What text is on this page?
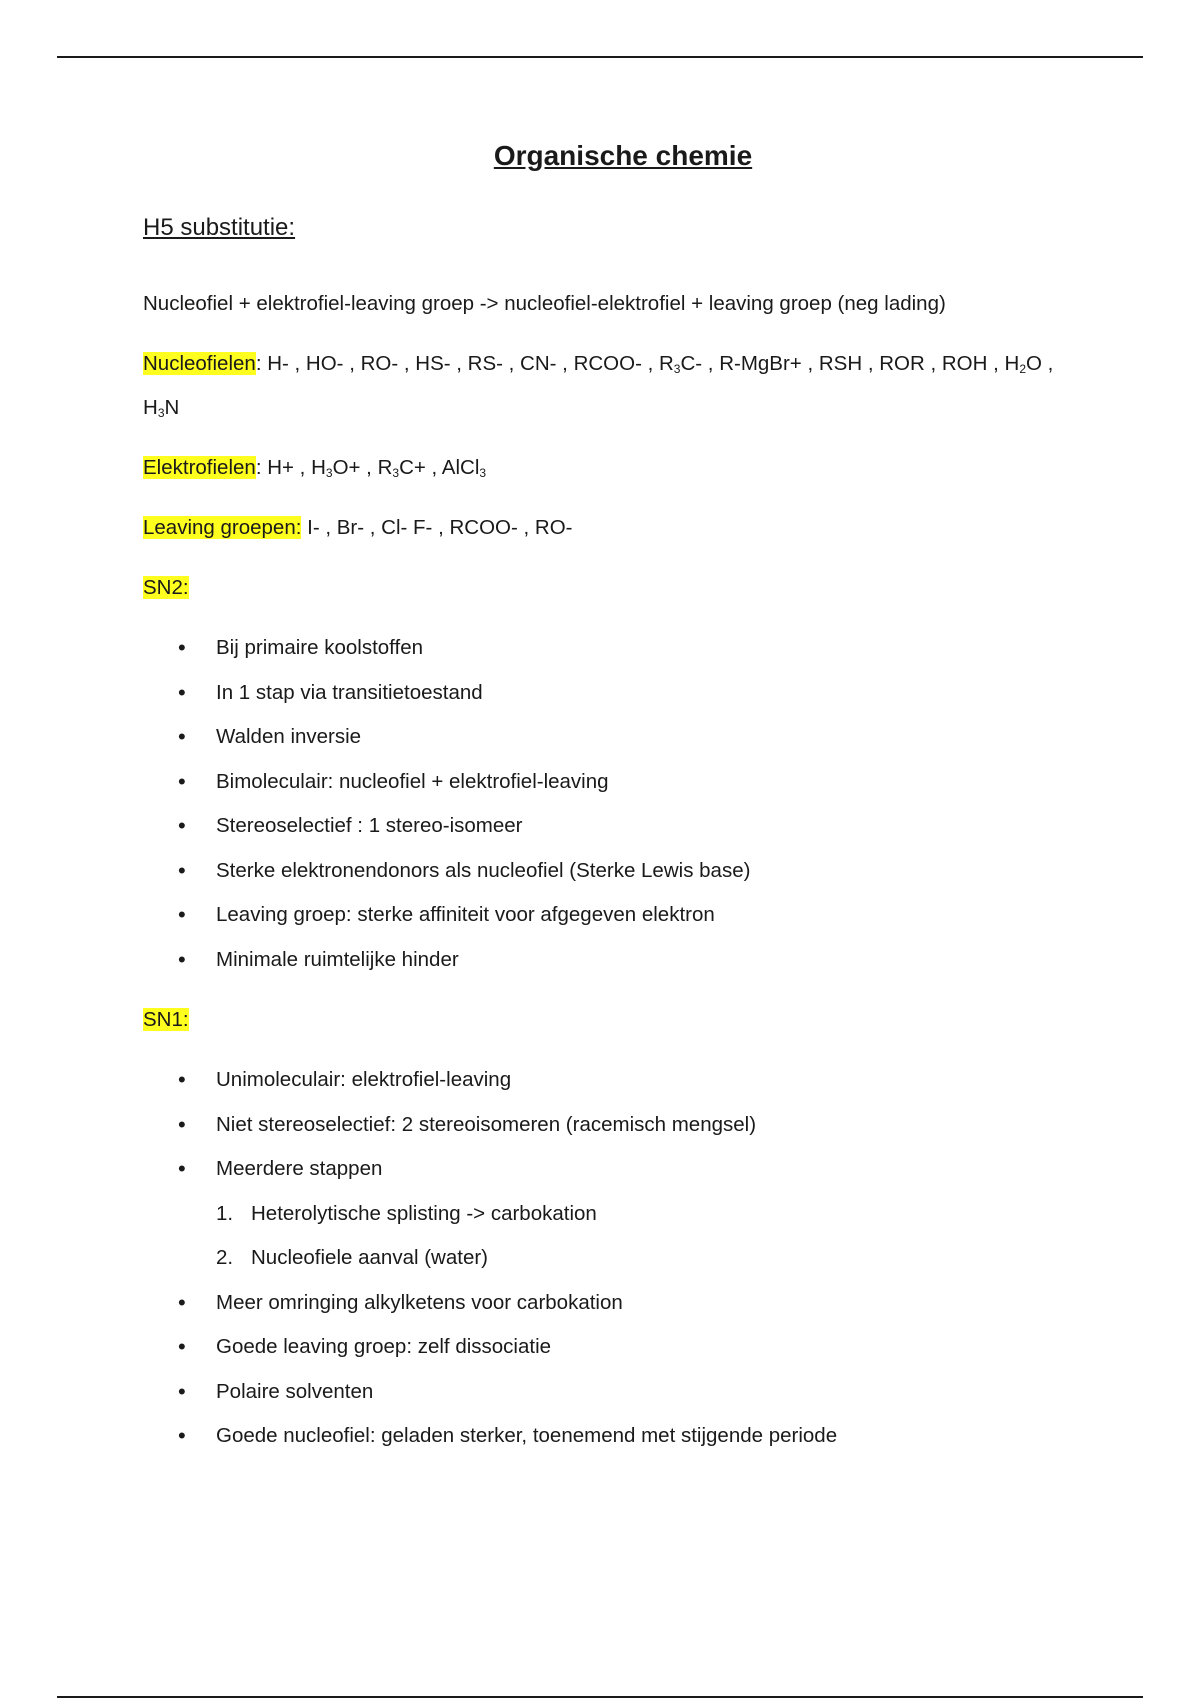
Organische chemie
H5 substitutie:

Nucleofiel + elektrofiel-leaving groep -> nucleofiel-elektrofiel + leaving groep (neg lading)

Nucleofielen: H- , HO- , RO- , HS- , RS- , CN- , RCOO- , $R_3C-$ , R-MgBr+ , RSH , ROR , ROH , $H_2O$ ,
$H_3N$

Elektrofielen: H+ , $H_3O+$ , $R_3C+$ , AlCl$_3$

Leaving groepen: I- , Br- , Cl- F- , RCOO- , RO-

SN2:

• Bij primaire koolstoffen
• In 1 stap via transitietoestand
• Walden inversie
• Bimoleculair: nucleofiel + elektrofiel-leaving
• Stereoselectief : 1 stereo-isomeer
• Sterke elektronendonors als nucleofiel (Sterke Lewis base)
• Leaving groep: sterke affiniteit voor afgegeven elektron
• Minimale ruimtelijke hinder

SN1:

• Unimoleculair: elektrofiel-leaving
• Niet stereoselectief: 2 stereoisomeren (racemisch mengsel)
• Meerdere stappen
1. Heterolytische splisting -> carbokation
2. Nucleofiele aanval (water)
• Meer omringing alkylketens voor carbokation
• Goede leaving groep: zelf dissociatie
• Polaire solventen
• Goede nucleofiel: geladen sterker, toenemend met stijgende periode
